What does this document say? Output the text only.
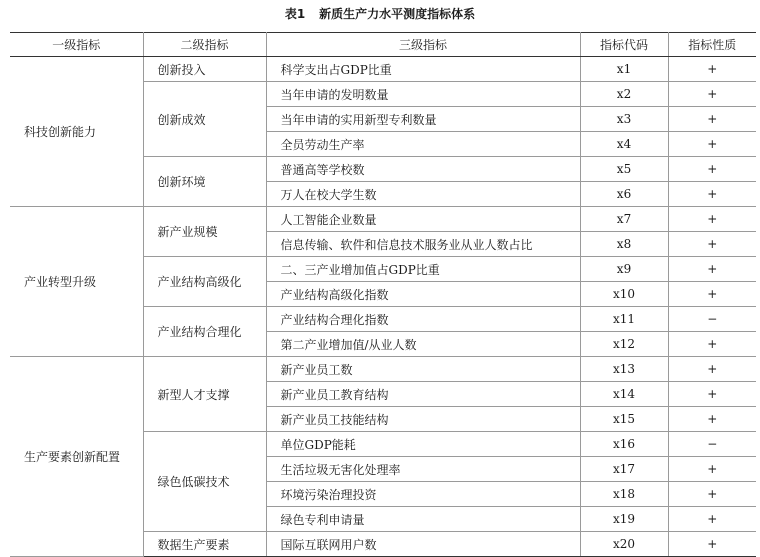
表1 新质生产力水平测度指标体系
一级指标	二级指标	三级指标	指标代码	指标性质
科技创新能力	创新投入	科学支出占GDP比重	x1	+
	创新成效	当年申请的发明数量	x2	+
		当年申请的实用新型专利数量	x3	+
		全员劳动生产率	x4	+
	创新环境	普通高等学校数	x5	+
		万人在校大学生数	x6	+
产业转型升级	新产业规模	人工智能企业数量	x7	+
		信息传输、软件和信息技术服务业从业人数占比	x8	+
	产业结构高级化	二、三产业增加值占GDP比重	x9	+
		产业结构高级化指数	x10	+
	产业结构合理化	产业结构合理化指数	x11	−
		第二产业增加值/从业人数	x12	+
生产要素创新配置	新型人才支撑	新产业员工数	x13	+
		新产业员工教育结构	x14	+
		新产业员工技能结构	x15	+
	绿色低碳技术	单位GDP能耗	x16	−
		生活垃圾无害化处理率	x17	+
		环境污染治理投资	x18	+
		绿色专利申请量	x19	+
	数据生产要素	国际互联网用户数	x20	+
